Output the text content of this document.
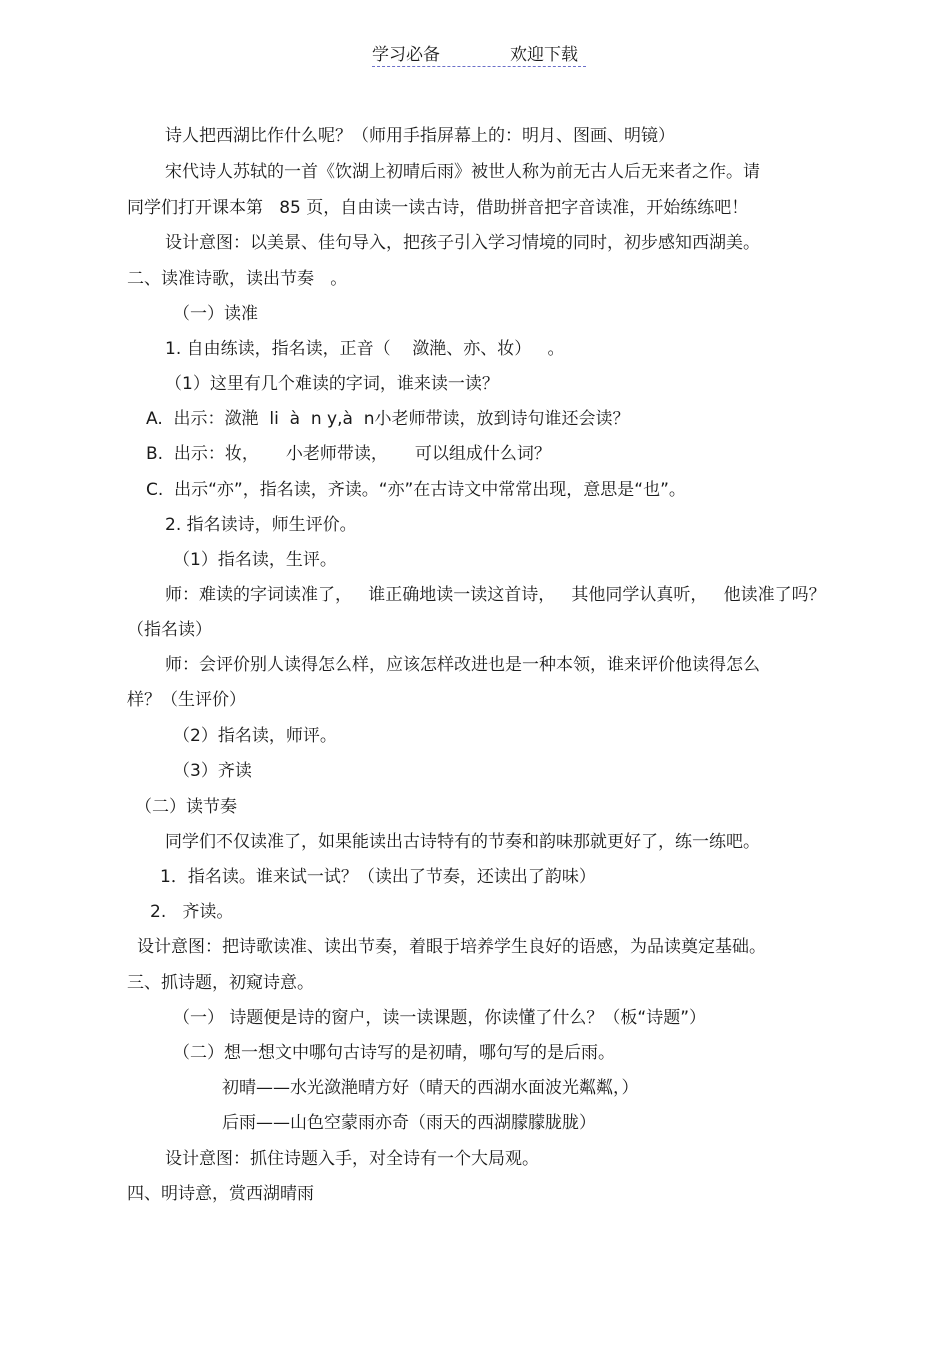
学习必备	欢迎下载
诗人把西湖比作什么呢？（师用手指屏幕上的：明月、图画、明镜）
宋代诗人苏轼的一首《饮湖上初晴后雨》被世人称为前无古人后无来者之作。请
同学们打开课本第   85 页，自由读一读古诗，借助拼音把字音读准，开始练练吧！
设计意图：以美景、佳句导入，把孩子引入学习情境的同时，初步感知西湖美。
二、读准诗歌，读出节奏   。
（一）读准
1. 自由练读，指名读，正音（    潋滟、亦、妆）   。
（1）这里有几个难读的字词，谁来读一读？
A.  出示：潋滟  li  à  n y,à  n小老师带读，放到诗句谁还会读？
B.  出示：妆，     小老师带读，     可以组成什么词？
C.  出示“亦”，指名读，齐读。“亦”在古诗文中常常出现，意思是“也”。
2. 指名读诗，师生评价。
（1）指名读，生评。
师：难读的字词读准了，   谁正确地读一读这首诗，   其他同学认真听，   他读准了吗？
（指名读）
师：会评价别人读得怎么样，应该怎样改进也是一种本领，谁来评价他读得怎么
样？（生评价）
（2）指名读，师评。
（3）齐读
（二）读节奏
同学们不仅读准了，如果能读出古诗特有的节奏和韵味那就更好了，练一练吧。
1．指名读。谁来试一试？（读出了节奏，还读出了韵味）
2.   齐读。
设计意图：把诗歌读准、读出节奏，着眼于培养学生良好的语感，为品读奠定基础。
三、抓诗题，初窥诗意。
（一） 诗题便是诗的窗户，读一读课题，你读懂了什么？（板“诗题”）
（二）想一想文中哪句古诗写的是初晴，哪句写的是后雨。
初晴——水光潋滟晴方好（晴天的西湖水面波光粼粼，）
后雨——山色空蒙雨亦奇（雨天的西湖朦朦胧胧）
设计意图：抓住诗题入手，对全诗有一个大局观。
四、明诗意，赏西湖晴雨
